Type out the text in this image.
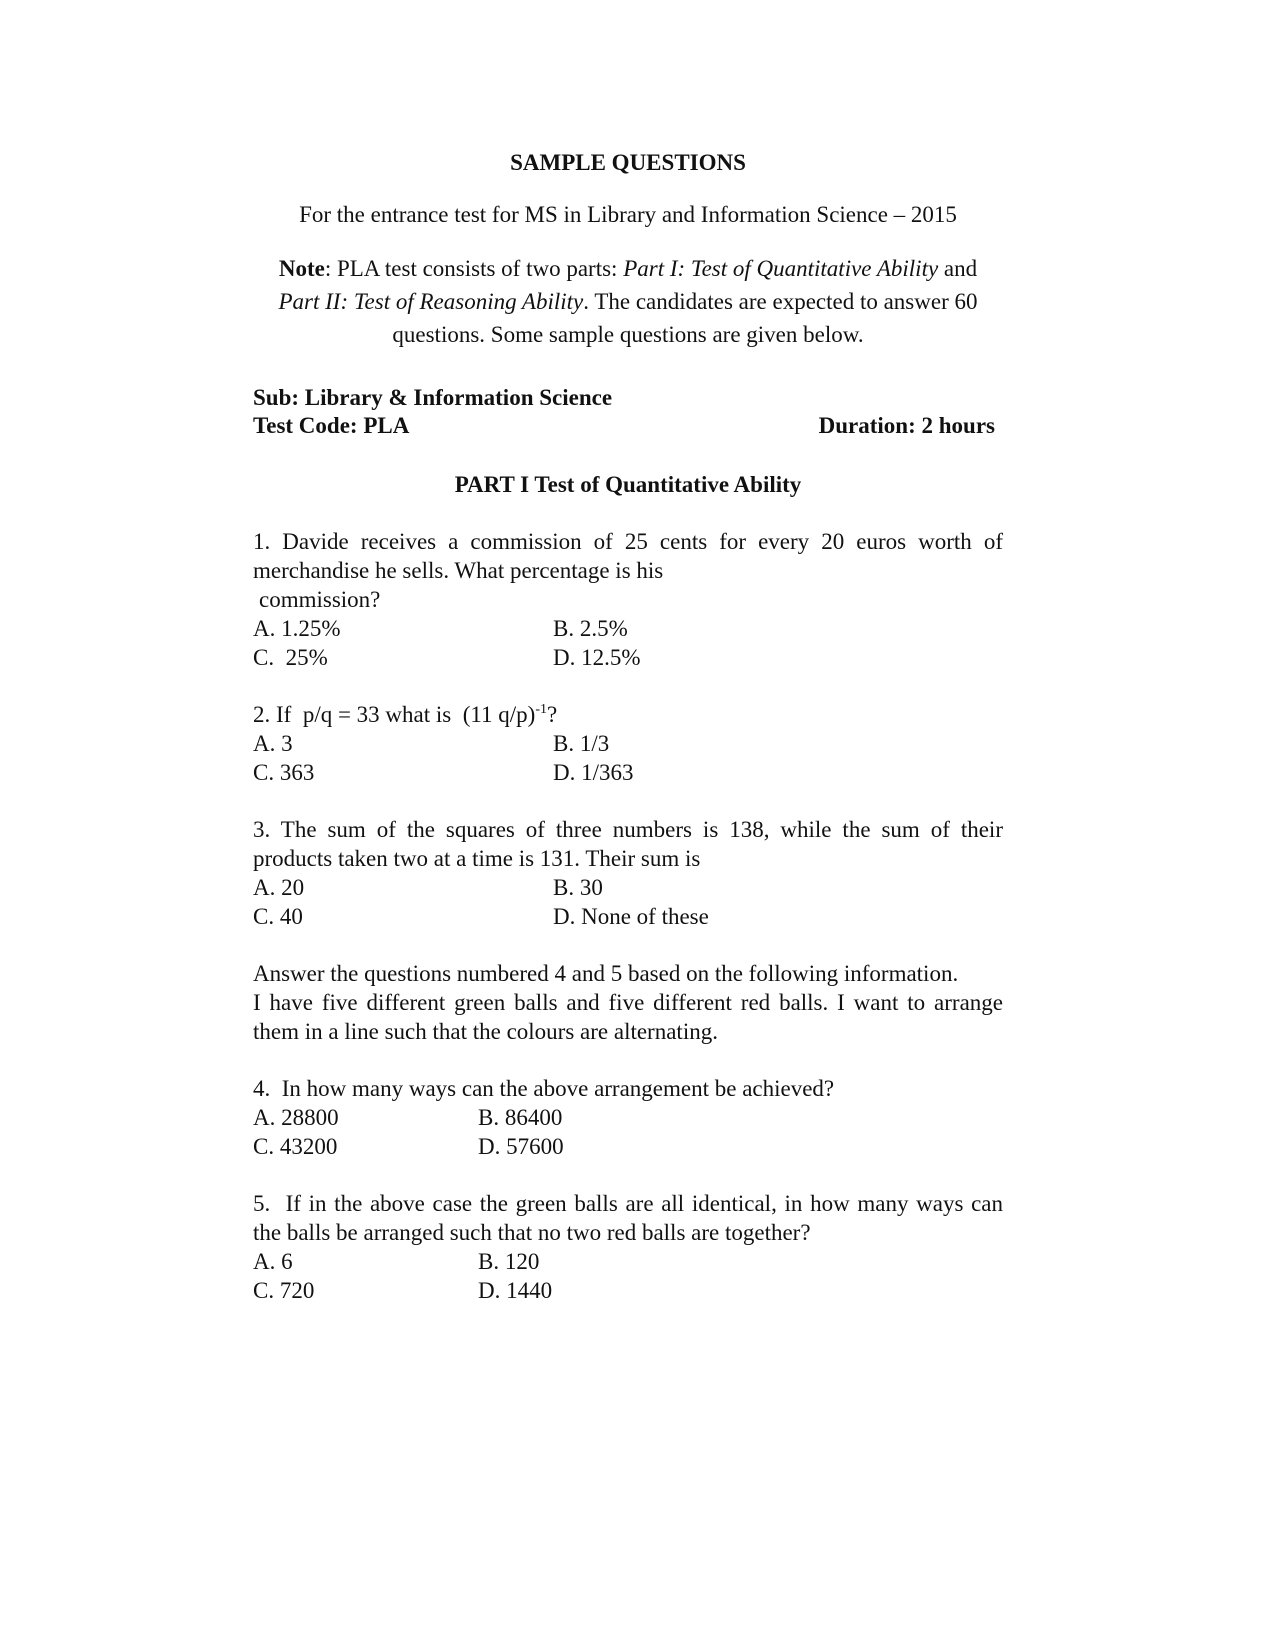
SAMPLE QUESTIONS
For the entrance test for MS in Library and Information Science – 2015
Note: PLA test consists of two parts: Part I: Test of Quantitative Ability and Part II: Test of Reasoning Ability. The candidates are expected to answer 60 questions. Some sample questions are given below.
Sub: Library & Information Science
Test Code: PLA	Duration: 2 hours
PART I Test of Quantitative Ability
1. Davide receives a commission of 25 cents for every 20 euros worth of merchandise he sells. What percentage is his
commission?
A. 1.25%	B. 2.5%
C.  25%	D. 12.5%
2. If  p/q = 33 what is  (11 q/p)$^{-1}$?
A. 3	B. 1/3
C. 363	D. 1/363
3. The sum of the squares of three numbers is 138, while the sum of their products taken two at a time is 131. Their sum is
A. 20	B. 30
C. 40	D. None of these
Answer the questions numbered 4 and 5 based on the following information.
I have five different green balls and five different red balls. I want to arrange them in a line such that the colours are alternating.
4.  In how many ways can the above arrangement be achieved?
A. 28800	B. 86400
C. 43200	D. 57600
5.  If in the above case the green balls are all identical, in how many ways can the balls be arranged such that no two red balls are together?
A. 6	B. 120
C. 720	D. 1440
